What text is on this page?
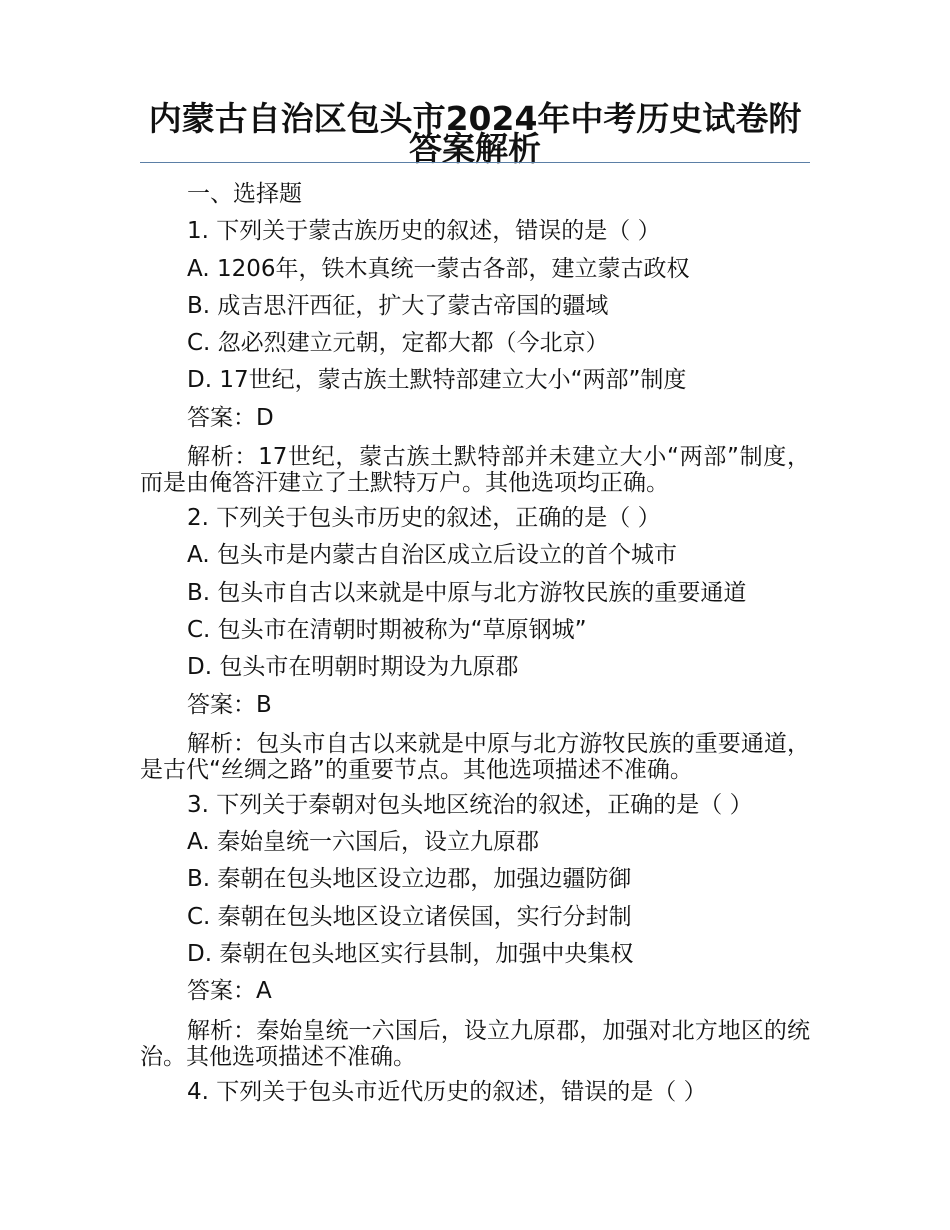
内蒙古自治区包头市2024年中考历史试卷附答案解析

一、选择题

1. 下列关于蒙古族历史的叙述，错误的是（ ）

A. 1206年，铁木真统一蒙古各部，建立蒙古政权

B. 成吉思汗西征，扩大了蒙古帝国的疆域

C. 忽必烈建立元朝，定都大都（今北京）

D. 17世纪，蒙古族土默特部建立大小“两部”制度

答案：D

解析：17世纪，蒙古族土默特部并未建立大小“两部”制度，而是由俺答汗建立了土默特万户。其他选项均正确。

2. 下列关于包头市历史的叙述，正确的是（ ）

A. 包头市是内蒙古自治区成立后设立的首个城市

B. 包头市自古以来就是中原与北方游牧民族的重要通道

C. 包头市在清朝时期被称为“草原钢城”

D. 包头市在明朝时期设为九原郡

答案：B

解析：包头市自古以来就是中原与北方游牧民族的重要通道，是古代“丝绸之路”的重要节点。其他选项描述不准确。

3. 下列关于秦朝对包头地区统治的叙述，正确的是（ ）

A. 秦始皇统一六国后，设立九原郡

B. 秦朝在包头地区设立边郡，加强边疆防御

C. 秦朝在包头地区设立诸侯国，实行分封制

D. 秦朝在包头地区实行县制，加强中央集权

答案：A

解析：秦始皇统一六国后，设立九原郡，加强对北方地区的统治。其他选项描述不准确。

4. 下列关于包头市近代历史的叙述，错误的是（ ）
